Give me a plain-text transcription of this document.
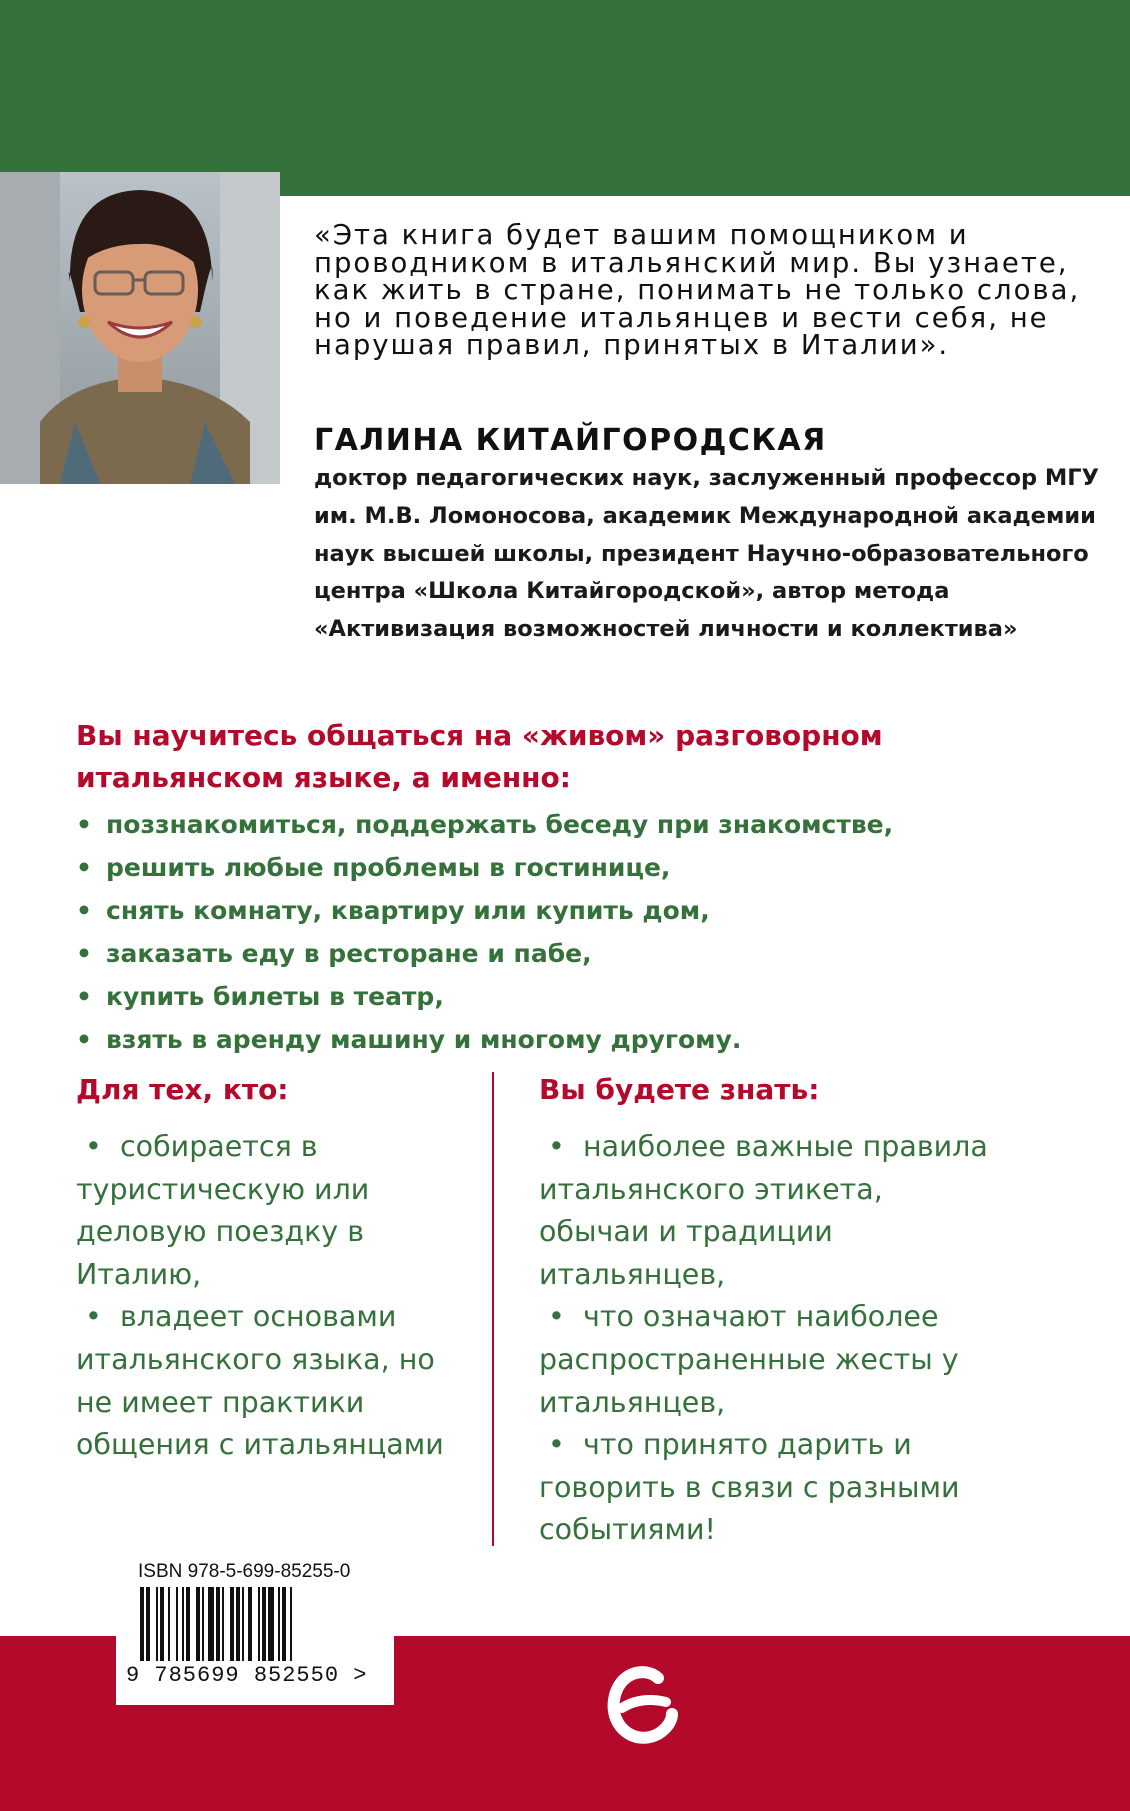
«Эта книга будет вашим помощником и проводником в итальянский мир. Вы узнаете, как жить в стране, понимать не только слова, но и поведение итальянцев и вести себя, не нарушая правил, принятых в Италии».

ГАЛИНА КИТАЙГОРОДСКАЯ

доктор педагогических наук, заслуженный профессор МГУ им. М.В. Ломоносова, академик Международной академии наук высшей школы, президент Научно-образовательного центра «Школа Китайгородской», автор метода «Активизация возможностей личности и коллектива»

Вы научитесь общаться на «живом» разговорном итальянском языке, а именно:

• поззнакомиться, поддержать беседу при знакомстве,
• решить любые проблемы в гостинице,
• снять комнату, квартиру или купить дом,
• заказать еду в ресторане и пабе,
• купить билеты в театр,
• взять в аренду машину и многому другому.

Для тех, кто:

•  собирается в туристическую или деловую поездку в Италию,
•  владеет основами итальянского языка, но не имеет практики общения с итальянцами

Вы будете знать:

•  наиболее важные правила итальянского этикета, обычаи и традиции итальянцев,
•  что означают наиболее распространенные жесты у итальянцев,
•  что принято дарить и говорить в связи с разными событиями!

ISBN 978-5-699-85255-0

9 785699 852550 >
